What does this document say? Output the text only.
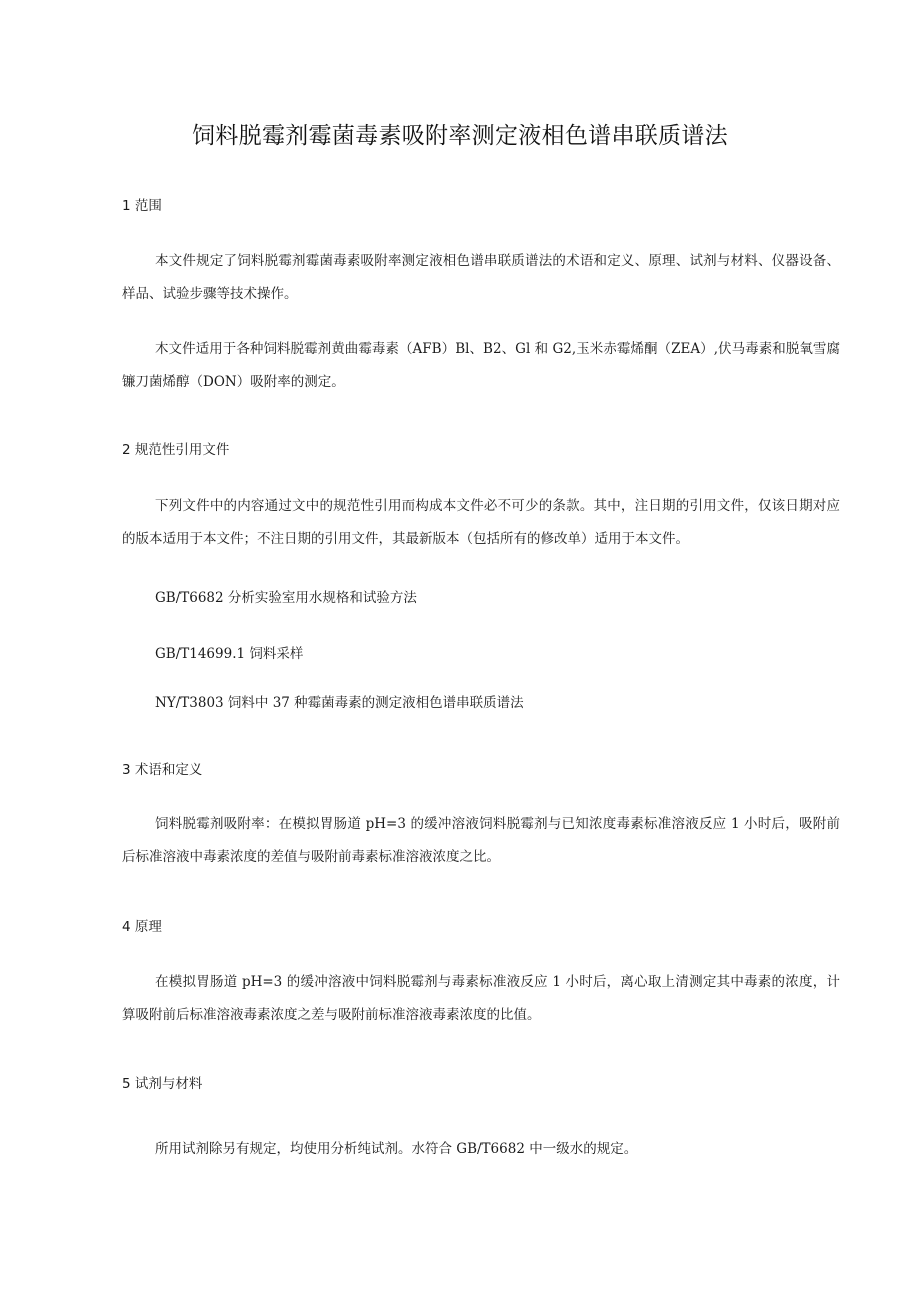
饲料脱霉剂霉菌毒素吸附率测定液相色谱串联质谱法
1 范围
本文件规定了饲料脱霉剂霉菌毒素吸附率测定液相色谱串联质谱法的术语和定义、原理、试剂与材料、仪器设备、样品、试验步骤等技术操作。
木文件适用于各种饲料脱霉剂黄曲霉毒素（AFB）Bl、B2、Gl 和 G2,玉米赤霉烯酮（ZEA）,伏马毒素和脱氧雪腐镰刀菌烯醇（DON）吸附率的测定。
2 规范性引用文件
下列文件中的内容通过文中的规范性引用而构成本文件必不可少的条款。其中，注日期的引用文件，仅该日期对应的版本适用于本文件；不注日期的引用文件，其最新版本（包括所有的修改单）适用于本文件。
GB/T6682 分析实验室用水规格和试验方法
GB/T14699.1 饲料采样
NY/T3803 饲料中 37 种霉菌毒素的测定液相色谱串联质谱法
3 术语和定义
饲料脱霉剂吸附率：在模拟胃肠道 pH=3 的缓冲溶液饲料脱霉剂与已知浓度毒素标准溶液反应 1 小时后，吸附前后标准溶液中毒素浓度的差值与吸附前毒素标准溶液浓度之比。
4 原理
在模拟胃肠道 pH=3 的缓冲溶液中饲料脱霉剂与毒素标准液反应 1 小时后，离心取上清测定其中毒素的浓度，计算吸附前后标准溶液毒素浓度之差与吸附前标准溶液毒素浓度的比值。
5 试剂与材料
所用试剂除另有规定，均使用分析纯试剂。水符合 GB/T6682 中一级水的规定。
